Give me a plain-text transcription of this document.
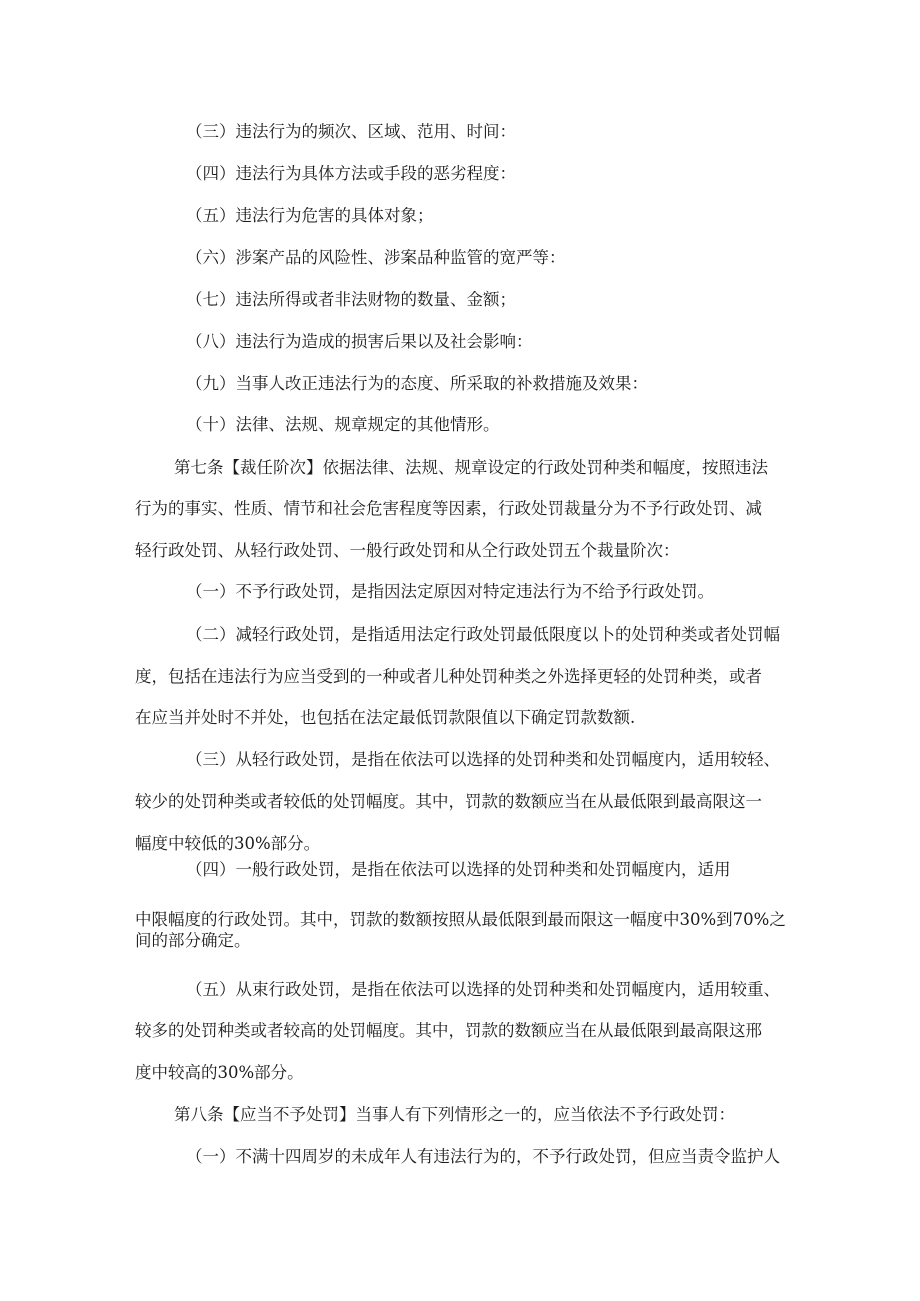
（三）违法行为的频次、区域、范用、时间：

（四）违法行为具体方法或手段的恶劣程度：

（五）违法行为危害的具体对象；

（六）涉案产品的风险性、涉案品种监管的宽严等：

（七）违法所得或者非法财物的数量、金额；

（八）违法行为造成的损害后果以及社会影响：

（九）当事人改正违法行为的态度、所采取的补救措施及效果：

（十）法律、法规、规章规定的其他情形。

第七条【裁任阶次】依据法律、法规、规章设定的行政处罚种类和幅度，按照违法

行为的事实、性质、情节和社会危害程度等因素，行政处罚裁量分为不予行政处罚、减

轻行政处罚、从轻行政处罚、一般行政处罚和从仝行政处罚五个裁量阶次：

（一）不予行政处罚，是指因法定原因对特定违法行为不给予行政处罚。

（二）减轻行政处罚，是指适用法定行政处罚最低限度以卜的处罚种类或者处罚幅

度，包括在违法行为应当受到的一种或者儿种处罚种类之外选择更轻的处罚种类，或者

在应当并处时不并处，也包括在法定最低罚款限值以下确定罚款数额.

（三）从轻行政处罚，是指在依法可以选择的处罚种类和处罚幅度内，适用较轻、

较少的处罚种类或者较低的处罚幅度。其中，罚款的数额应当在从最低限到最高限这一

幅度中较低的30%部分。

（四）一般行政处罚，是指在依法可以选择的处罚种类和处罚幅度内，适用

中限幅度的行政处罚。其中，罚款的数额按照从最低限到最而限这一幅度中30%到70%之

间的部分确定。

（五）从束行政处罚，是指在依法可以选择的处罚种类和处罚幅度内，适用较重、

较多的处罚种类或者较高的处罚幅度。其中，罚款的数额应当在从最低限到最高限这邢

度中较高的30%部分。

第八条【应当不予处罚】当事人有下列情形之一的，应当依法不予行政处罚：

（一）不满十四周岁的未成年人有违法行为的，不予行政处罚，但应当责令监护人
